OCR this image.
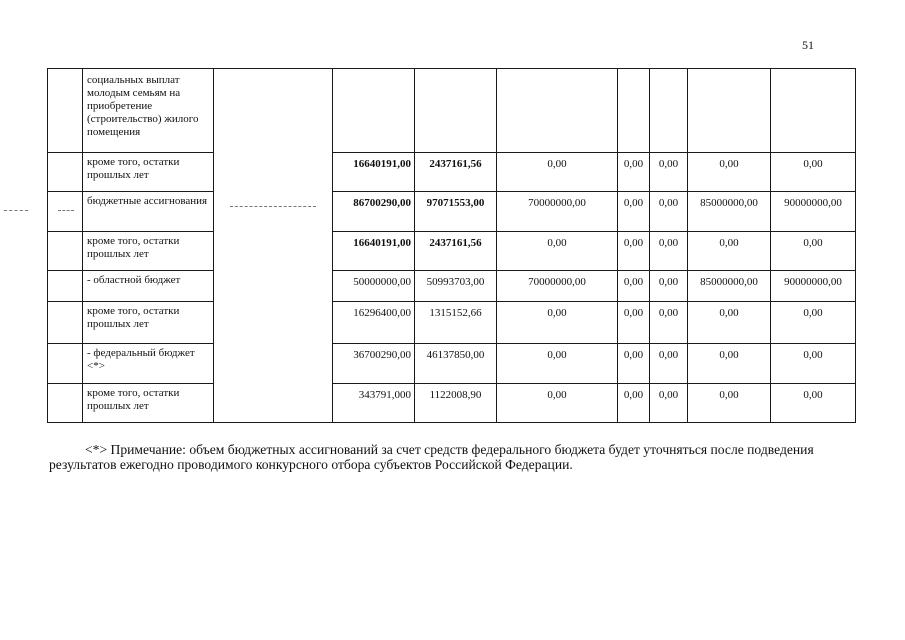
51
	социальных выплат молодым семьям на приобретение (строительство) жилого помещения								
	кроме того, остатки прошлых лет		16640191,00	2437161,56	0,00	0,00	0,00	0,00	0,00
	бюджетные ассигнования		86700290,00	97071553,00	70000000,00	0,00	0,00	85000000,00	90000000,00
	кроме того, остатки прошлых лет		16640191,00	2437161,56	0,00	0,00	0,00	0,00	0,00
	- областной бюджет		50000000,00	50993703,00	70000000,00	0,00	0,00	85000000,00	90000000,00
	кроме того, остатки прошлых лет		16296400,00	1315152,66	0,00	0,00	0,00	0,00	0,00
	- федеральный бюджет <*>		36700290,00	46137850,00	0,00	0,00	0,00	0,00	0,00
	кроме того, остатки прошлых лет		343791,000	1122008,90	0,00	0,00	0,00	0,00	0,00

<*> Примечание: объем бюджетных ассигнований за счет средств федерального бюджета будет уточняться после подведения результатов ежегодно проводимого конкурсного отбора субъектов Российской Федерации.
